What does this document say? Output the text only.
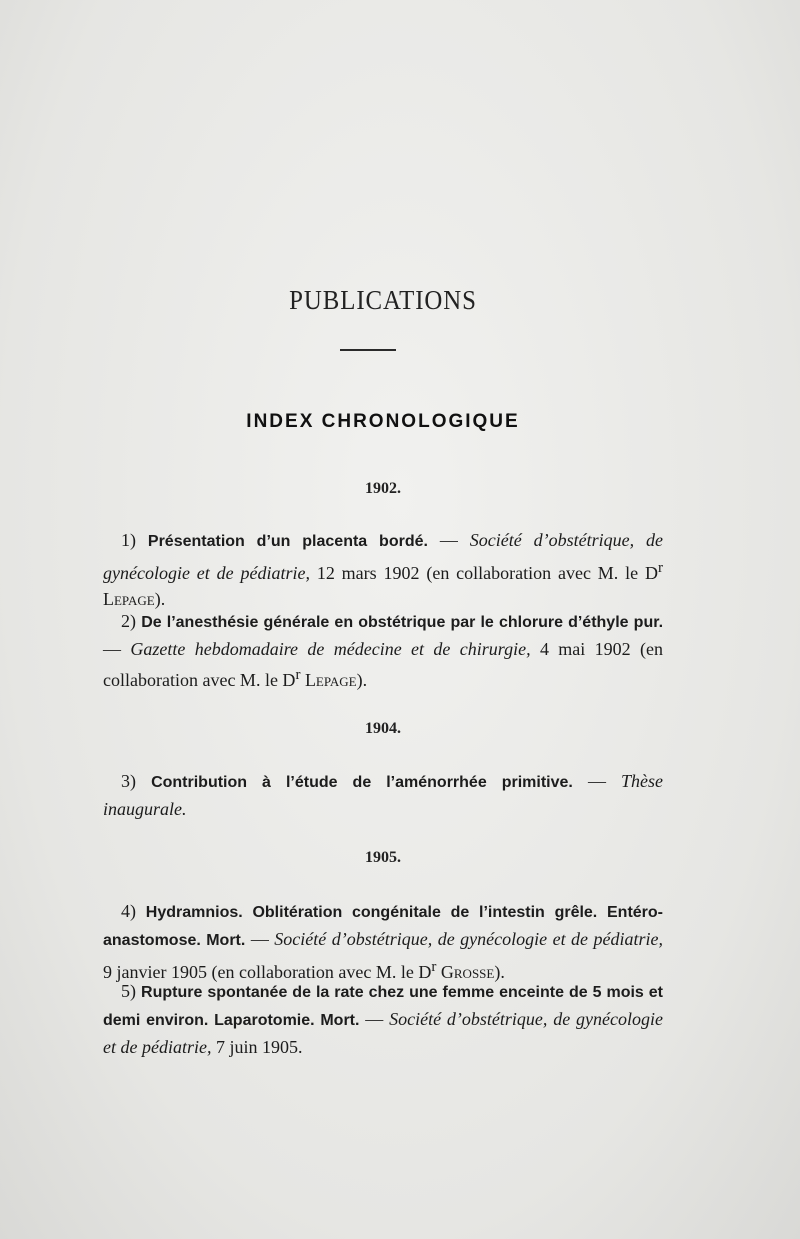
PUBLICATIONS
INDEX CHRONOLOGIQUE
1902.
1) Présentation d’un placenta bordé. — Société d’obstétrique, de gynécologie et de pédiatrie, 12 mars 1902 (en collaboration avec M. le $D^r$ Lepage).
2) De l’anesthésie générale en obstétrique par le chlorure d’éthyle pur. — Gazette hebdomadaire de médecine et de chirurgie, 4 mai 1902 (en collaboration avec M. le $D^r$ Lepage).
1904.
3) Contribution à l’étude de l’aménorrhée primitive. — Thèse inaugurale.
1905.
4) Hydramnios. Oblitération congénitale de l’intestin grêle. Entéro-anastomose. Mort. — Société d’obstétrique, de gynécologie et de pédiatrie, 9 janvier 1905 (en collaboration avec M. le $D^r$ Grosse).
5) Rupture spontanée de la rate chez une femme enceinte de 5 mois et demi environ. Laparotomie. Mort. — Société d’obstétrique, de gynécologie et de pédiatrie, 7 juin 1905.
